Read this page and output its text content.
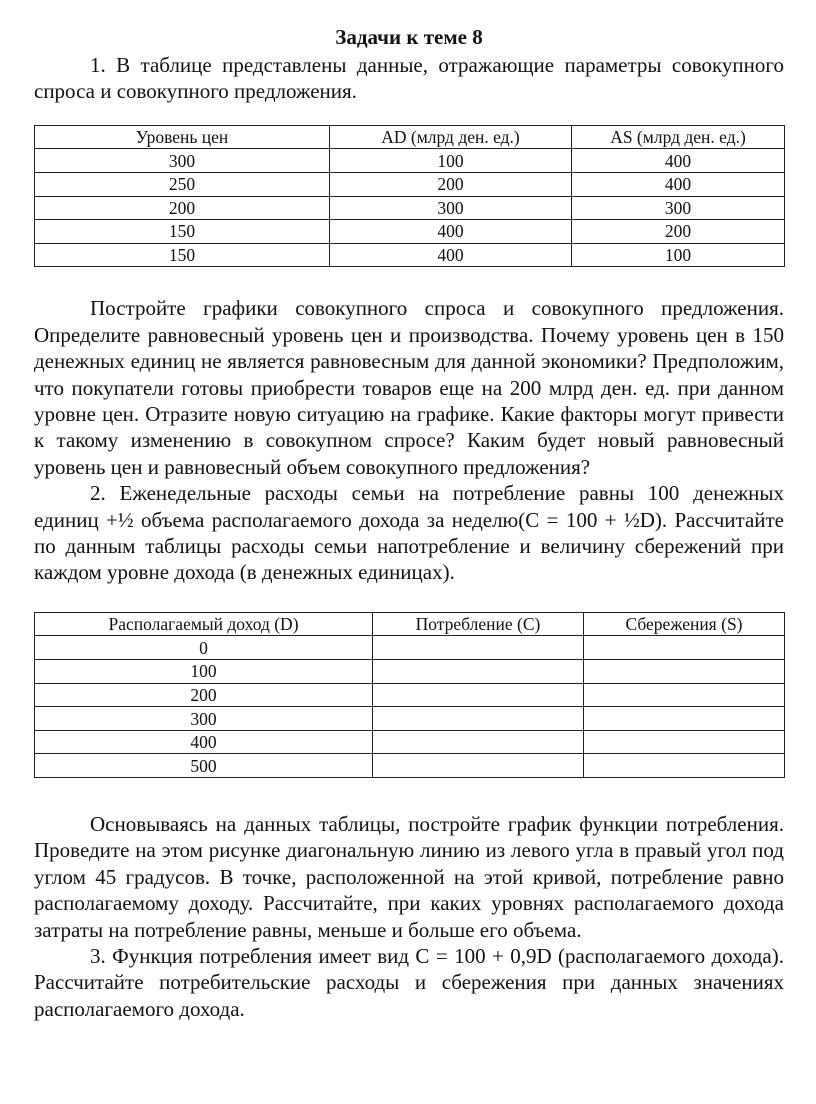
Задачи к теме 8

1. В таблице представлены данные, отражающие параметры совокупного спроса и совокупного предложения.

Уровень цен	AD (млрд ден. ед.)	AS (млрд ден. ед.)
300	100	400
250	200	400
200	300	300
150	400	200
150	400	100

Постройте графики совокупного спроса и совокупного предложения. Определите равновесный уровень цен и производства. Почему уровень цен в 150 денежных единиц не является равновесным для данной экономики? Предположим, что покупатели готовы приобрести товаров еще на 200 млрд ден. ед. при данном уровне цен. Отразите новую ситуацию на графике. Какие факторы могут привести к такому изменению в совокупном спросе? Каким будет новый равновесный уровень цен и равновесный объем совокупного предложения?

2. Еженедельные расходы семьи на потребление равны 100 денежных единиц +½ объема располагаемого дохода за неделю(С = 100 + ½D). Рассчитайте по данным таблицы расходы семьи напотребление и величину сбережений при каждом уровне дохода (в денежных единицах).

Располагаемый доход (D)	Потребление (С)	Сбережения (S)
0		
100		
200		
300		
400		
500		

Основываясь на данных таблицы, постройте график функции потребления. Проведите на этом рисунке диагональную линию из левого угла в правый угол под углом 45 градусов. В точке, расположенной на этой кривой, потребление равно располагаемому доходу. Рассчитайте, при каких уровнях располагаемого дохода затраты на потребление равны, меньше и больше его объема.

3. Функция потребления имеет вид С = 100 + 0,9D (располагаемого дохода). Рассчитайте потребительские расходы и сбережения при данных значениях располагаемого дохода.
